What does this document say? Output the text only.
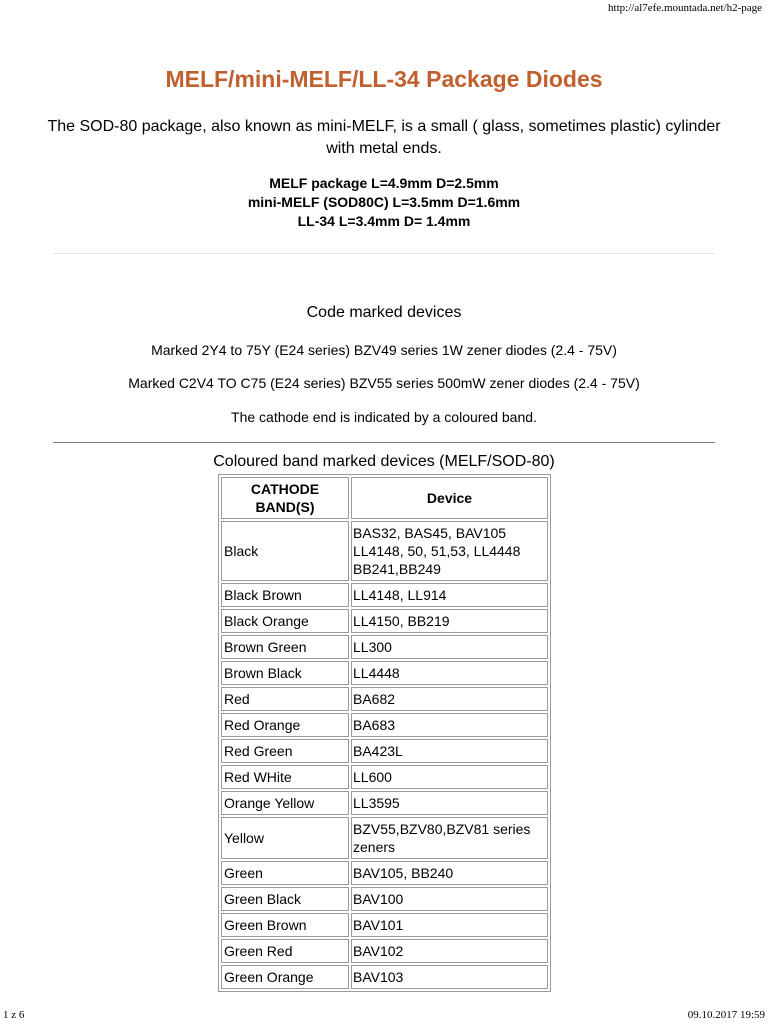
http://al7efe.mountada.net/h2-page
MELF/mini-MELF/LL-34 Package Diodes
The SOD-80 package, also known as mini-MELF, is a small ( glass, sometimes plastic) cylinder with metal ends.
MELF package L=4.9mm D=2.5mm
mini-MELF (SOD80C) L=3.5mm D=1.6mm
LL-34 L=3.4mm D= 1.4mm
Code marked devices
Marked 2Y4 to 75Y (E24 series) BZV49 series 1W zener diodes (2.4 - 75V)
Marked C2V4 TO C75 (E24 series) BZV55 series 500mW zener diodes (2.4 - 75V)
The cathode end is indicated by a coloured band.
Coloured band marked devices (MELF/SOD-80)
CATHODE BAND(S)	Device
Black	BAS32, BAS45, BAV105
LL4148, 50, 51,53, LL4448
BB241,BB249

Black Brown	LL4148, LL914

Black Orange	LL4150, BB219

Brown Green	LL300

Brown Black	LL4448

Red	BA682

Red Orange	BA683

Red Green	BA423L

Red WHite	LL600

Orange Yellow	LL3595

Yellow	BZV55,BZV80,BZV81 series
zeners

Green	BAV105, BB240

Green Black	BAV100

Green Brown	BAV101

Green Red	BAV102

Green Orange	BAV103
1 z 6	09.10.2017 19:59
